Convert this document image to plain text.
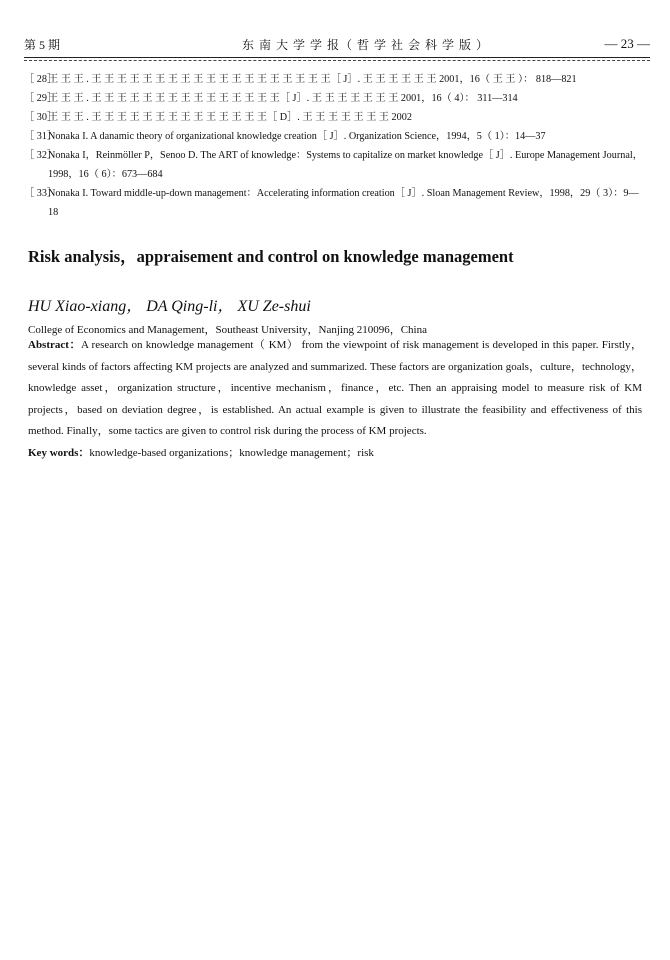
第 5 期	东 南 大 学 学 报（ 哲 学 社 会 科 学 版 ）	— 23 —
［ 28］
王 王 王 . 王 王 王 王 王 王 王 王 王 王 王 王 王 王 王 王 王 王 王［ J］. 王 王 王 王 王 王 2001，16（ 王 王 ）： 818—821
［ 29］
王 王 王 . 王 王 王 王 王 王 王 王 王 王 王 王 王 王 王［ J］. 王 王 王 王 王 王 王 2001，16（ 4）： 311—314
［ 30］
王 王 王 . 王 王 王 王 王 王 王 王 王 王 王 王 王 王［ D］. 王 王 王 王 王 王 王 2002
［ 31］
Nonaka I. A danamic theory of organizational knowledge creation［ J］. Organization Science，1994，5（ 1）：14—37
［ 32］
Nonaka I，Reinmöller P，Senoo D. The ART of knowledge：Systems to capitalize on market knowledge［ J］. Europe Management Journal，1998，16（ 6）：673—684
［ 33］
Nonaka I. Toward middle-up-down management：Accelerating information creation［ J］. Sloan Management Review，1998，29（ 3）：9—18
Risk analysis，appraisement and control on knowledge management
HU Xiao-xiang， DA Qing-li， XU Ze-shui
College of Economics and Management，Southeast University，Nanjing 210096，China

Abstract：A research on knowledge management（ KM） from the viewpoint of risk management is developed in this paper. Firstly，several kinds of factors affecting KM projects are analyzed and summarized. These factors are organization goals，culture，technology，knowledge asset，organization structure，incentive mechanism，finance，etc. Then an appraising model to measure risk of KM projects，based on deviation degree，is established. An actual example is given to illustrate the feasibility and effectiveness of this method. Finally，some tactics are given to control risk during the process of KM projects.

Key words：knowledge-based organizations；knowledge management；risk
